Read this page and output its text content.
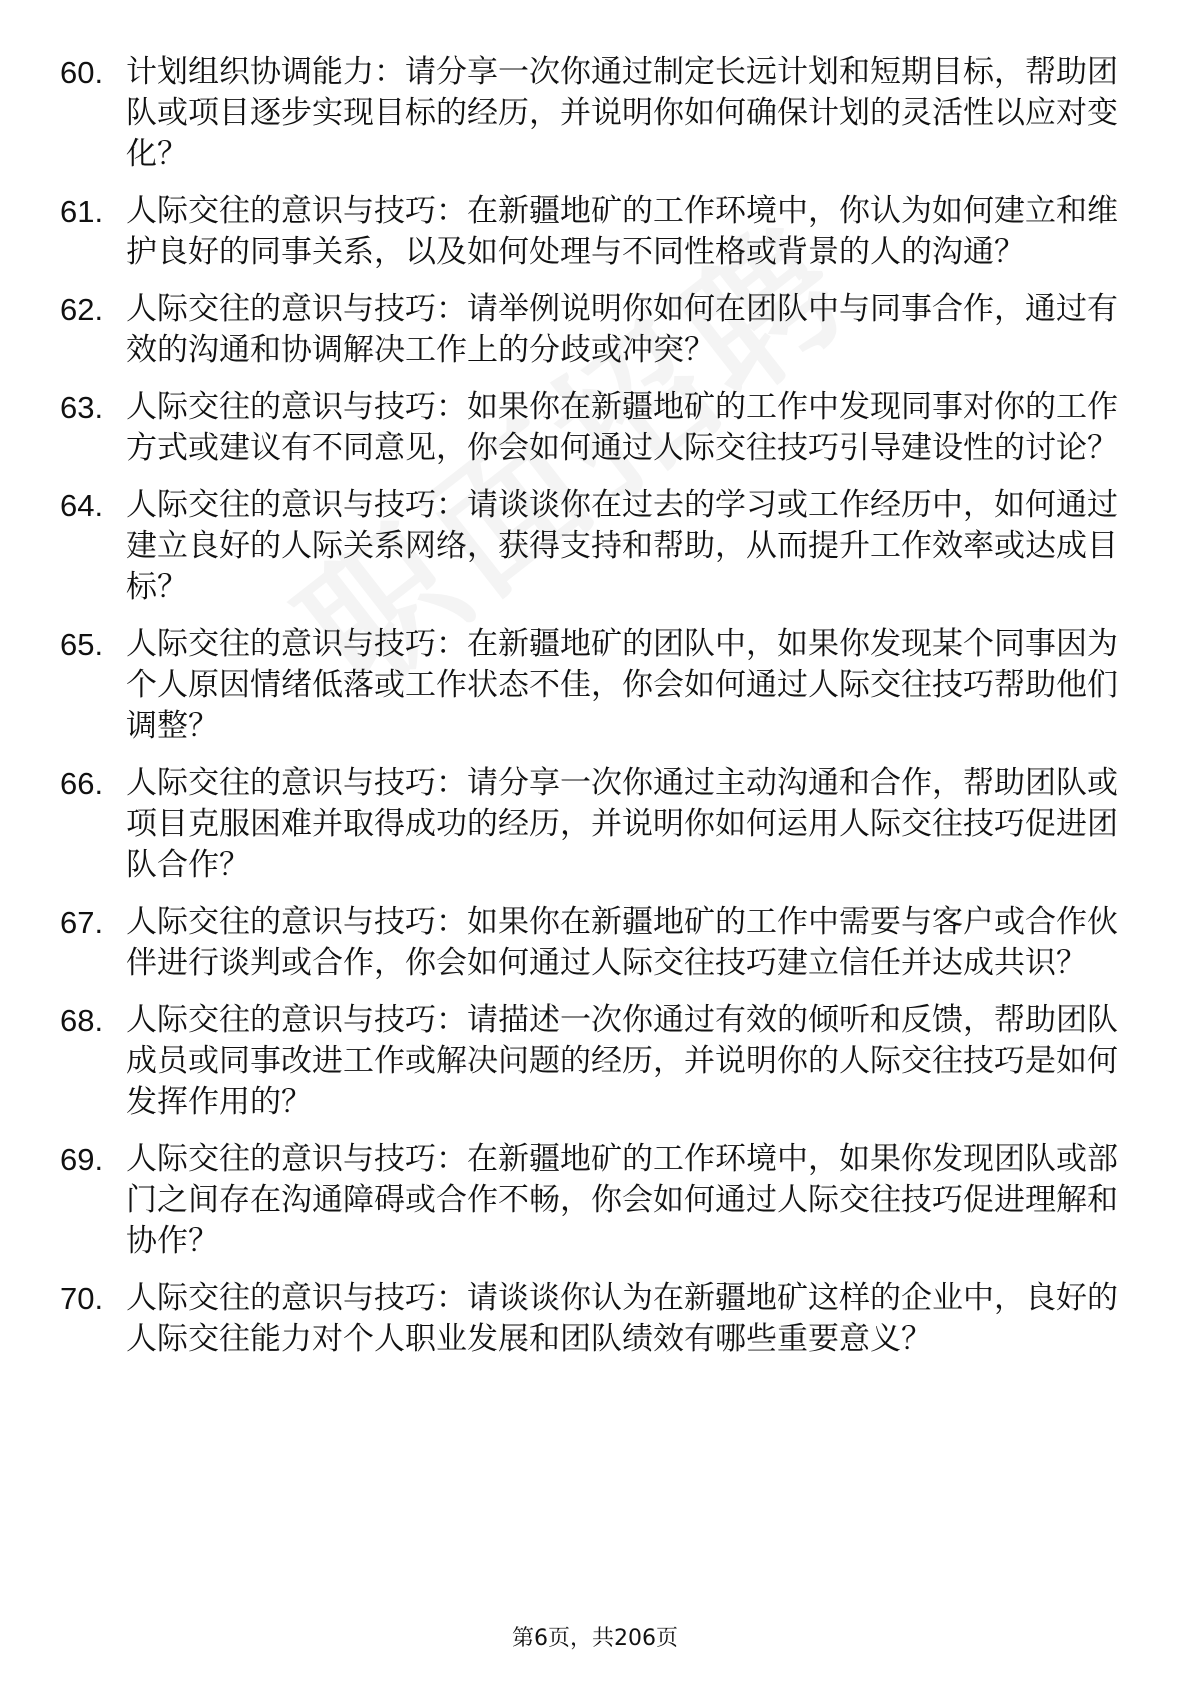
60. 计划组织协调能力：请分享一次你通过制定长远计划和短期目标，帮助团队或项目逐步实现目标的经历，并说明你如何确保计划的灵活性以应对变化？
61. 人际交往的意识与技巧：在新疆地矿的工作环境中，你认为如何建立和维护良好的同事关系，以及如何处理与不同性格或背景的人的沟通？
62. 人际交往的意识与技巧：请举例说明你如何在团队中与同事合作，通过有效的沟通和协调解决工作上的分歧或冲突？
63. 人际交往的意识与技巧：如果你在新疆地矿的工作中发现同事对你的工作方式或建议有不同意见，你会如何通过人际交往技巧引导建设性的讨论？
64. 人际交往的意识与技巧：请谈谈你在过去的学习或工作经历中，如何通过建立良好的人际关系网络，获得支持和帮助，从而提升工作效率或达成目标？
65. 人际交往的意识与技巧：在新疆地矿的团队中，如果你发现某个同事因为个人原因情绪低落或工作状态不佳，你会如何通过人际交往技巧帮助他们调整？
66. 人际交往的意识与技巧：请分享一次你通过主动沟通和合作，帮助团队或项目克服困难并取得成功的经历，并说明你如何运用人际交往技巧促进团队合作？
67. 人际交往的意识与技巧：如果你在新疆地矿的工作中需要与客户或合作伙伴进行谈判或合作，你会如何通过人际交往技巧建立信任并达成共识？
68. 人际交往的意识与技巧：请描述一次你通过有效的倾听和反馈，帮助团队成员或同事改进工作或解决问题的经历，并说明你的人际交往技巧是如何发挥作用的？
69. 人际交往的意识与技巧：在新疆地矿的工作环境中，如果你发现团队或部门之间存在沟通障碍或合作不畅，你会如何通过人际交往技巧促进理解和协作？
70. 人际交往的意识与技巧：请谈谈你认为在新疆地矿这样的企业中，良好的人际交往能力对个人职业发展和团队绩效有哪些重要意义？
第6页，共206页
